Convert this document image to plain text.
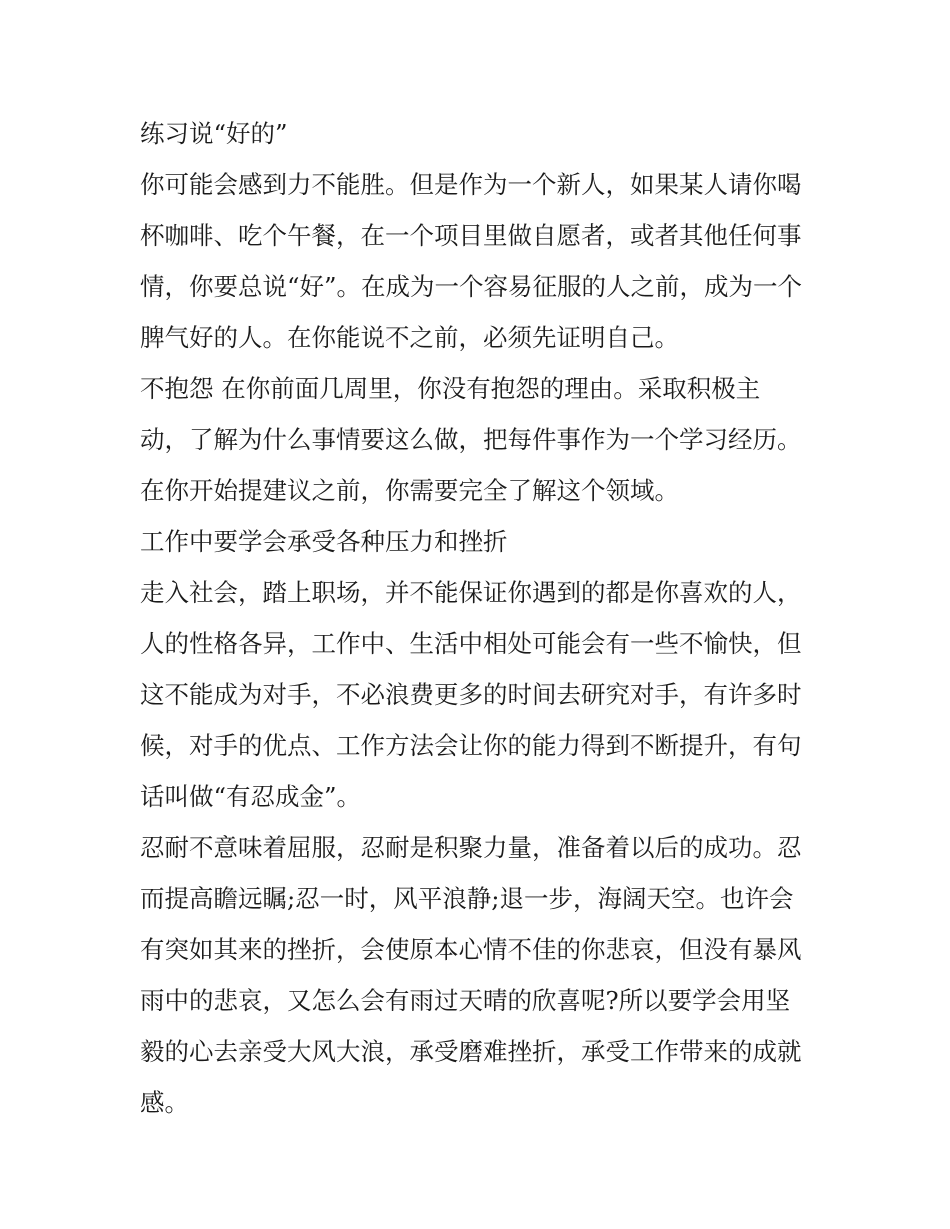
练习说“好的”
你可能会感到力不能胜。但是作为一个新人，如果某人请你喝
杯咖啡、吃个午餐，在一个项目里做自愿者，或者其他任何事
情，你要总说“好”。在成为一个容易征服的人之前，成为一个
脾气好的人。在你能说不之前，必须先证明自己。
不抱怨 在你前面几周里，你没有抱怨的理由。采取积极主
动，了解为什么事情要这么做，把每件事作为一个学习经历。
在你开始提建议之前，你需要完全了解这个领域。
工作中要学会承受各种压力和挫折
走入社会，踏上职场，并不能保证你遇到的都是你喜欢的人，
人的性格各异，工作中、生活中相处可能会有一些不愉快，但
这不能成为对手，不必浪费更多的时间去研究对手，有许多时
候，对手的优点、工作方法会让你的能力得到不断提升，有句
话叫做“有忍成金”。
忍耐不意味着屈服，忍耐是积聚力量，准备着以后的成功。忍
而提高瞻远瞩;忍一时，风平浪静;退一步，海阔天空。也许会
有突如其来的挫折，会使原本心情不佳的你悲哀，但没有暴风
雨中的悲哀，又怎么会有雨过天晴的欣喜呢?所以要学会用坚
毅的心去亲受大风大浪，承受磨难挫折，承受工作带来的成就
感。
